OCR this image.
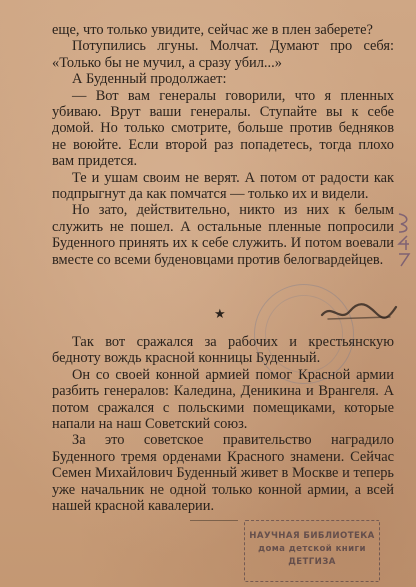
еще, что только увидите, сейчас же в плен заберете?

Потупились лгуны. Молчат. Думают про себя: «Только бы не мучил, а сразу убил...»

А Буденный продолжает:

— Вот вам генералы говорили, что я пленных убиваю. Врут ваши генералы. Ступайте вы к себе домой. Но только смотрите, больше против бедняков не воюйте. Если второй раз попадетесь, тогда плохо вам придется.

Те и ушам своим не верят. А потом от радости как подпрыгнут да как помчатся — только их и видели.

Но зато, действительно, никто из них к белым служить не пошел. А остальные пленные попросили Буденного принять их к себе служить. И потом воевали вместе со всеми буденовцами против белогвардейцев.

★

Так вот сражался за рабочих и крестьянскую бедноту вождь красной конницы Буденный.

Он со своей конной армией помог Красной армии разбить генералов: Каледина, Деникина и Врангеля. А потом сражался с польскими помещиками, которые напали на наш Советский союз.

За это советское правительство наградило Буденного тремя орденами Красного знамени. Сейчас Семен Михайлович Буденный живет в Москве и теперь уже начальник не одной только конной армии, а всей нашей красной кавалерии.

НАУЧНАЯ БИБЛИОТЕКА
дома детской книги
ДЕТГИЗА
